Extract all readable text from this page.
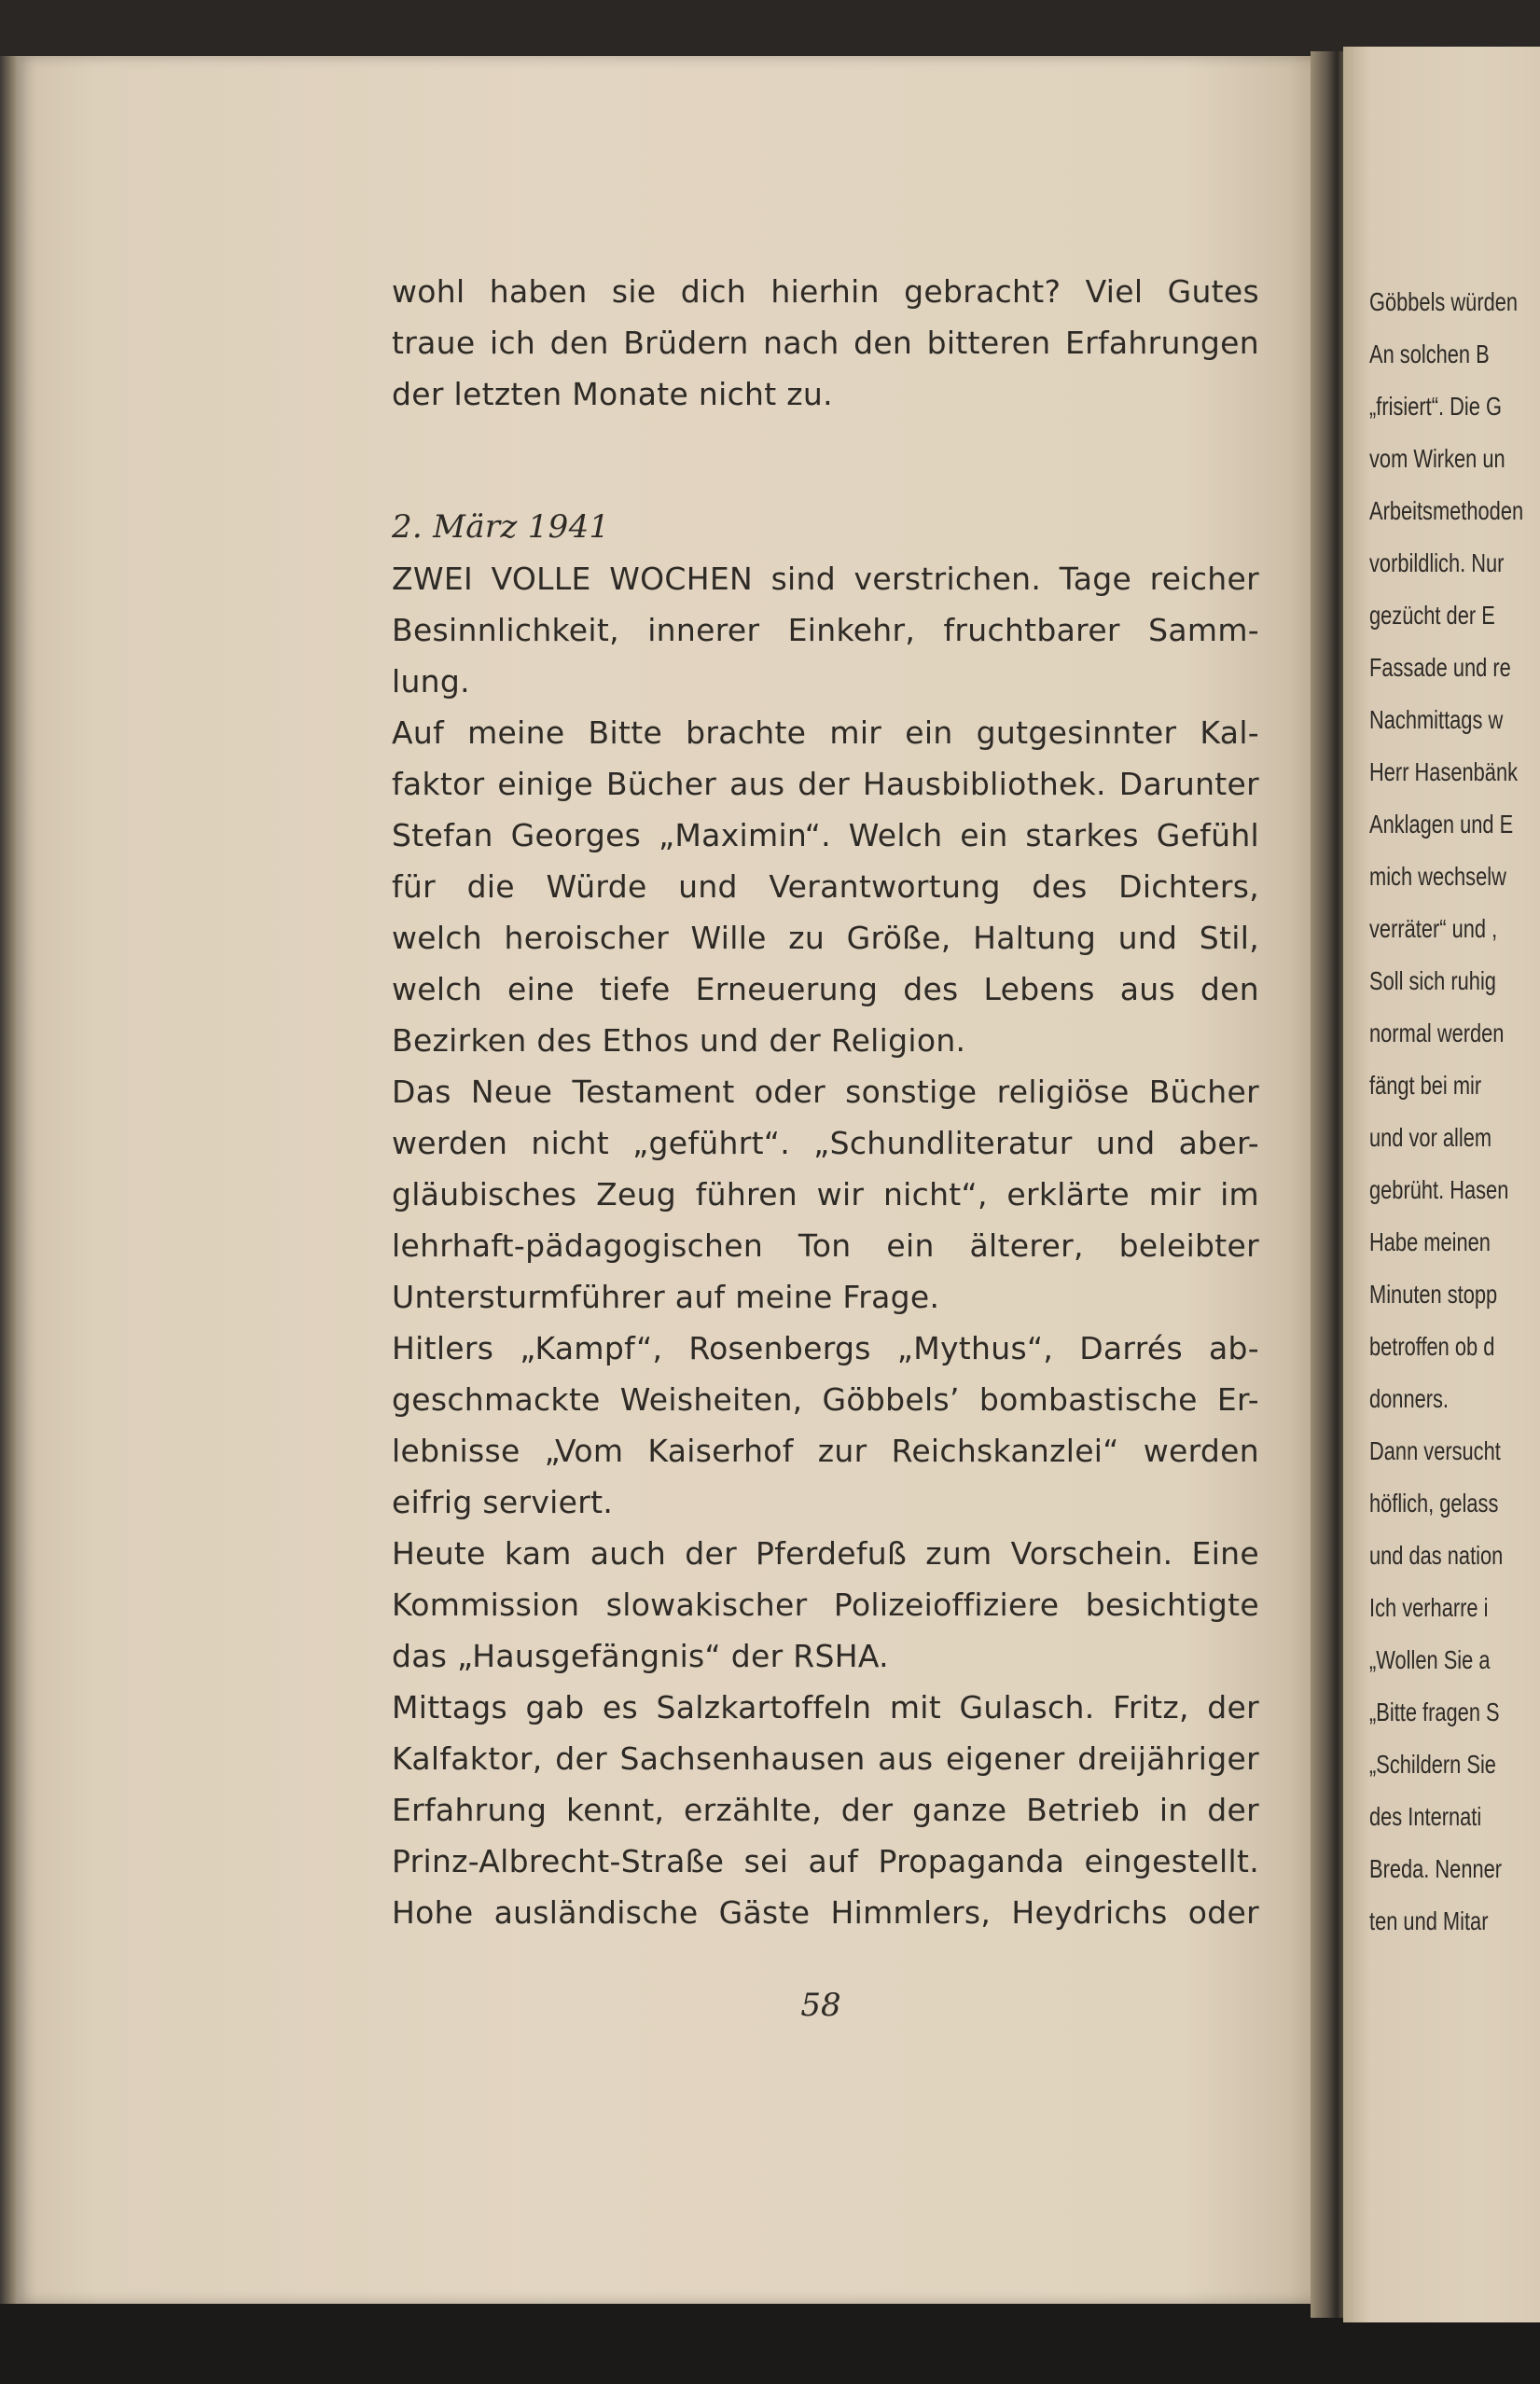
wohl haben sie dich hierhin gebracht? Viel Gutes
traue ich den Brüdern nach den bitteren Erfahrungen
der letzten Monate nicht zu.
2. März 1941
ZWEI VOLLE WOCHEN sind verstrichen. Tage reicher
Besinnlichkeit, innerer Einkehr, fruchtbarer Samm-
lung.
Auf meine Bitte brachte mir ein gutgesinnter Kal-
faktor einige Bücher aus der Hausbibliothek. Darunter
Stefan Georges „Maximin“. Welch ein starkes Gefühl
für die Würde und Verantwortung des Dichters,
welch heroischer Wille zu Größe, Haltung und Stil,
welch eine tiefe Erneuerung des Lebens aus den
Bezirken des Ethos und der Religion.
Das Neue Testament oder sonstige religiöse Bücher
werden nicht „geführt“. „Schundliteratur und aber-
gläubisches Zeug führen wir nicht“, erklärte mir im
lehrhaft-pädagogischen Ton ein älterer, beleibter
Untersturmführer auf meine Frage.
Hitlers „Kampf“, Rosenbergs „Mythus“, Darrés ab-
geschmackte Weisheiten, Göbbels’ bombastische Er-
lebnisse „Vom Kaiserhof zur Reichskanzlei“ werden
eifrig serviert.
Heute kam auch der Pferdefuß zum Vorschein. Eine
Kommission slowakischer Polizeioffiziere besichtigte
das „Hausgefängnis“ der RSHA.
Mittags gab es Salzkartoffeln mit Gulasch. Fritz, der
Kalfaktor, der Sachsenhausen aus eigener dreijähriger
Erfahrung kennt, erzählte, der ganze Betrieb in der
Prinz-Albrecht-Straße sei auf Propaganda eingestellt.
Hohe ausländische Gäste Himmlers, Heydrichs oder
58
Göbbels würden
An solchen B
„frisiert“. Die G
vom Wirken un
Arbeitsmethoden
vorbildlich. Nur
gezücht der E
Fassade und re
Nachmittags w
Herr Hasenbänk
Anklagen und E
mich wechselw
verräter“ und ,
Soll sich ruhig
normal werden
fängt bei mir
und vor allem
gebrüht. Hasen
Habe meinen
Minuten stopp
betroffen ob d
donners.
Dann versucht
höflich, gelass
und das nation
Ich verharre i
„Wollen Sie a
„Bitte fragen S
„Schildern Sie
des Internati
Breda. Nenner
ten und Mitar
